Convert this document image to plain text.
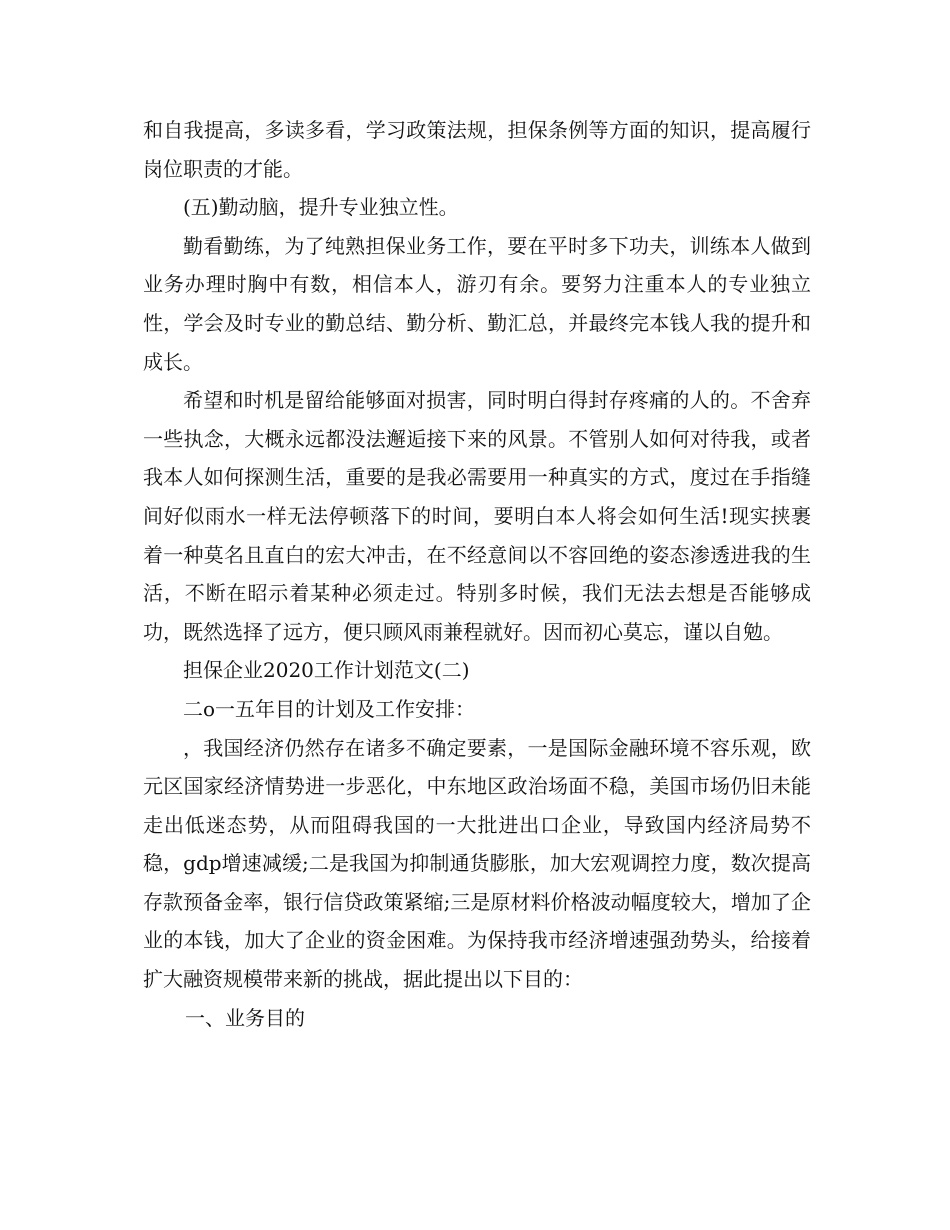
和自我提高，多读多看，学习政策法规，担保条例等方面的知识，提高履行岗位职责的才能。

(五)勤动脑，提升专业独立性。

勤看勤练，为了纯熟担保业务工作，要在平时多下功夫，训练本人做到业务办理时胸中有数，相信本人，游刃有余。要努力注重本人的专业独立性，学会及时专业的勤总结、勤分析、勤汇总，并最终完本钱人我的提升和成长。

希望和时机是留给能够面对损害，同时明白得封存疼痛的人的。不舍弃一些执念，大概永远都没法邂逅接下来的风景。不管别人如何对待我，或者我本人如何探测生活，重要的是我必需要用一种真实的方式，度过在手指缝间好似雨水一样无法停顿落下的时间，要明白本人将会如何生活!现实挟裹着一种莫名且直白的宏大冲击，在不经意间以不容回绝的姿态渗透进我的生活，不断在昭示着某种必须走过。特别多时候，我们无法去想是否能够成功，既然选择了远方，便只顾风雨兼程就好。因而初心莫忘，谨以自勉。

担保企业2020工作计划范文(二)

二o一五年目的计划及工作安排：

，我国经济仍然存在诸多不确定要素，一是国际金融环境不容乐观，欧元区国家经济情势进一步恶化，中东地区政治场面不稳，美国市场仍旧未能走出低迷态势，从而阻碍我国的一大批进出口企业，导致国内经济局势不稳，gdp增速减缓;二是我国为抑制通货膨胀，加大宏观调控力度，数次提高存款预备金率，银行信贷政策紧缩;三是原材料价格波动幅度较大，增加了企业的本钱，加大了企业的资金困难。为保持我市经济增速强劲势头，给接着扩大融资规模带来新的挑战，据此提出以下目的：

一、业务目的
